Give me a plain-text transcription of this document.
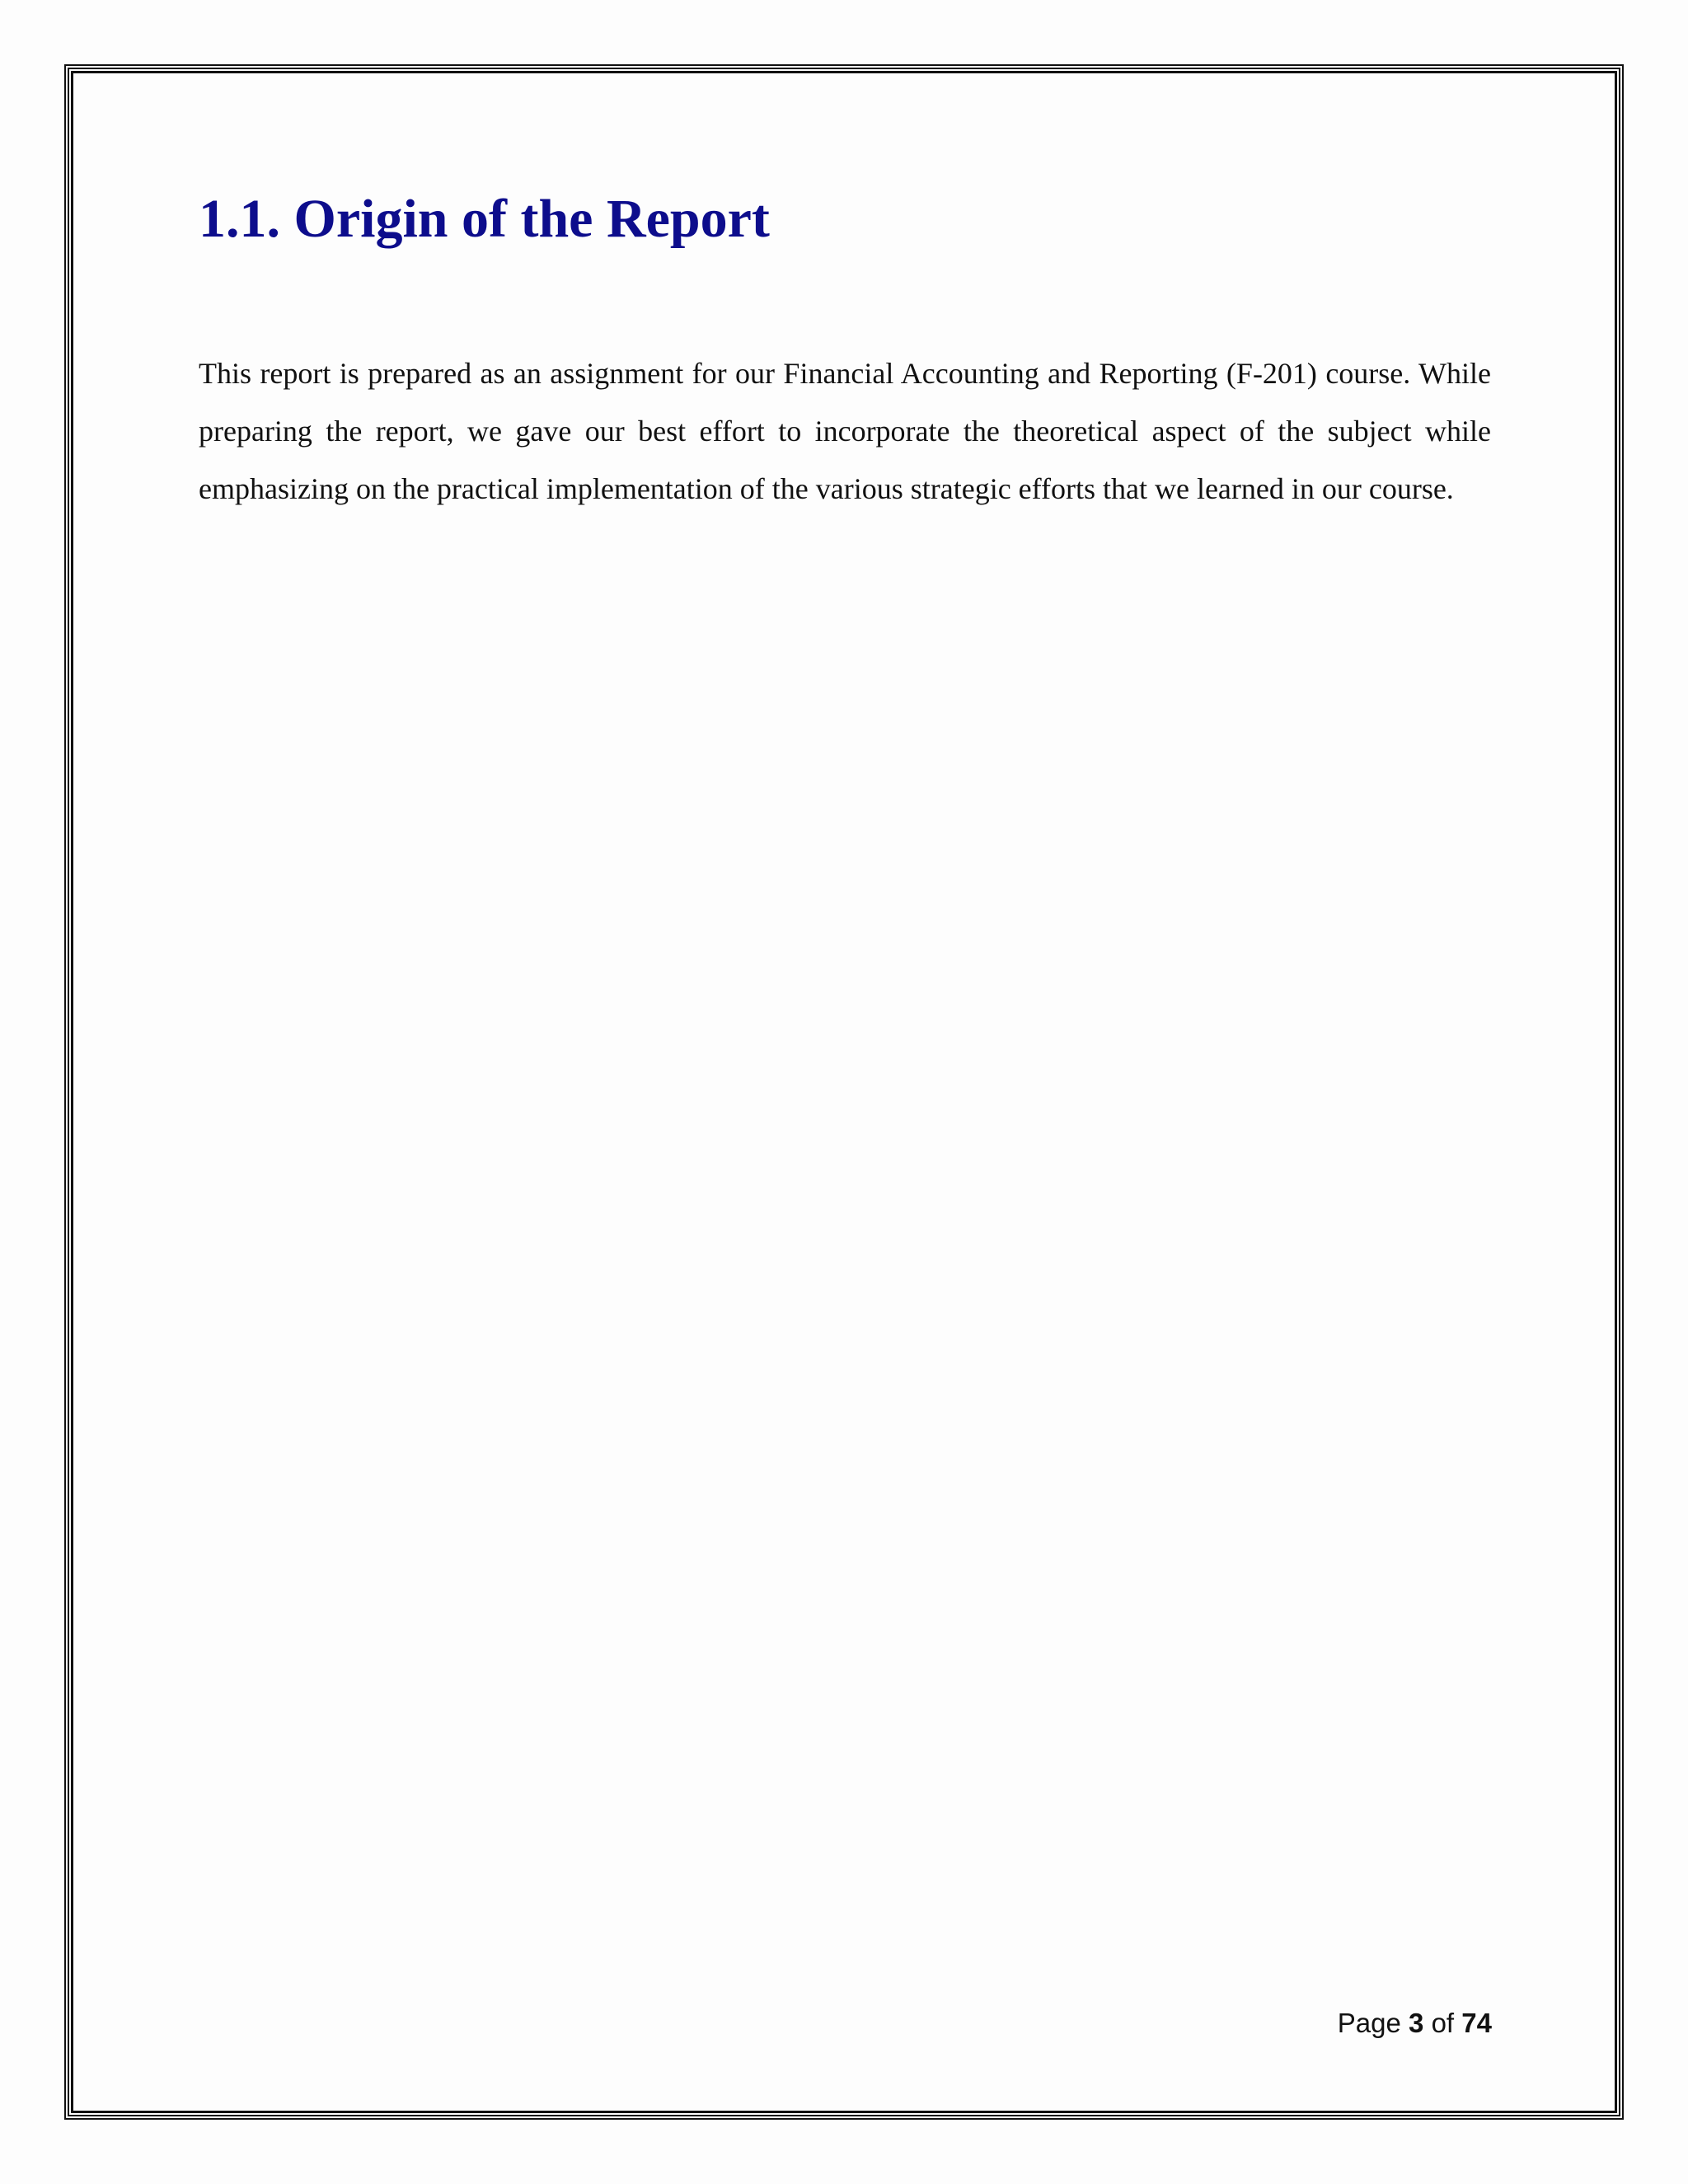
1.1. Origin of the Report

This report is prepared as an assignment for our Financial Accounting and Reporting (F-201) course. While preparing the report, we gave our best effort to incorporate the theoretical aspect of the subject while emphasizing on the practical implementation of the various strategic efforts that we learned in our course.

Page 3 of 74
